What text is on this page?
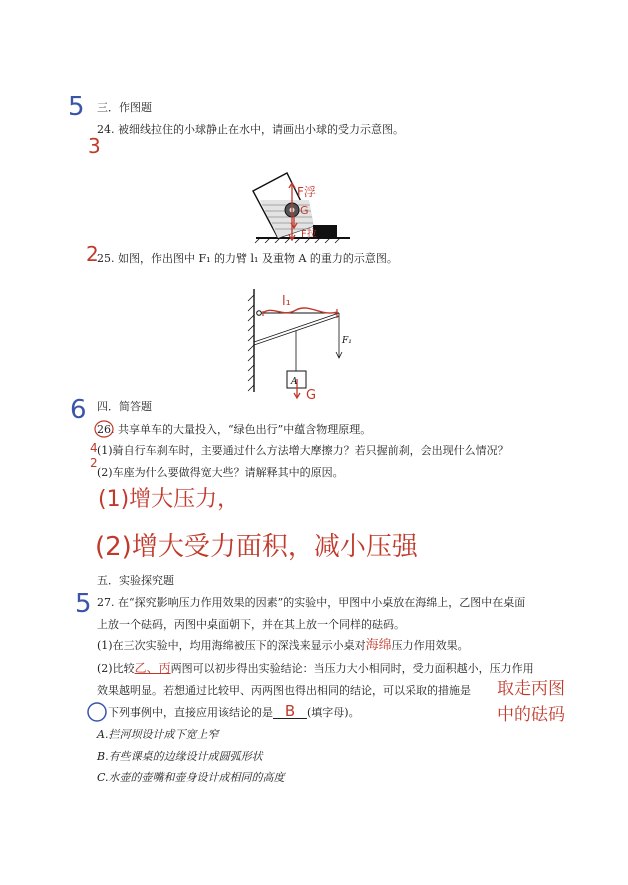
5 三．作图题
24. 被细线拉住的小球静止在水中，请画出小球的受力示意图。
3
F浮
G
F拉
2
25. 如图，作出图中 F₁ 的力臂 l₁ 及重物 A 的重力的示意图。
F₁
A
l₁
G
6 四．简答题
26. 共享单车的大量投入，“绿色出行”中蕴含物理原理。
4 (1)骑自行车刹车时，主要通过什么方法增大摩擦力？若只握前刹，会出现什么情况？
2
(2)车座为什么要做得宽大些？请解释其中的原因。
(1)增大压力，
(2)增大受力面积，减小压强
五．实验探究题
5 27. 在“探究影响压力作用效果的因素”的实验中，甲图中小桌放在海绵上，乙图中在桌面
上放一个砝码，丙图中桌面朝下，并在其上放一个同样的砝码。
(1)在三次实验中，均用海绵被压下的深浅来显示小桌对海绵压力作用效果。
(2)比较乙、丙两图可以初步得出实验结论：当压力大小相同时，受力面积越小，压力作用
效果越明显。若想通过比较甲、丙两图也得出相同的结论，可以采取的措施是 取走丙图
中的砝码
下列事例中，直接应用该结论的是 B (填字母)。
A.拦河坝设计成下宽上窄
B.有些课桌的边缘设计成圆弧形状
C.水壶的壶嘴和壶身设计成相同的高度
